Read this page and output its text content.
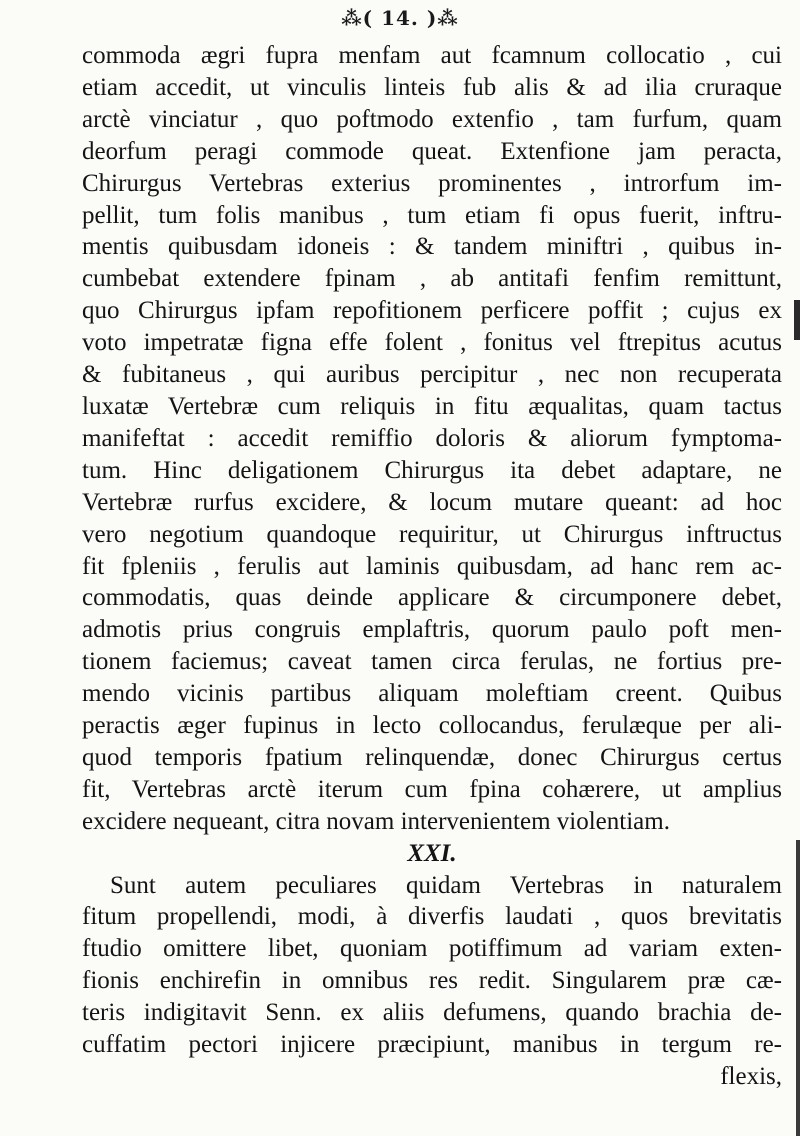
⁂( 14. )⁂
commoda ægri fupra menfam aut fcamnum collocatio , cui
etiam accedit, ut vinculis linteis fub alis & ad ilia cruraque
arctè vinciatur , quo poftmodo extenfio , tam furfum, quam
deorfum peragi commode queat. Extenfione jam peracta,
Chirurgus Vertebras exterius prominentes , introrfum im-
pellit, tum folis manibus , tum etiam fi opus fuerit, inftru-
mentis quibusdam idoneis : & tandem miniftri , quibus in-
cumbebat extendere fpinam , ab antitafi fenfim remittunt,
quo Chirurgus ipfam repofitionem perficere poffit ; cujus ex
voto impetratæ figna effe folent , fonitus vel ftrepitus acutus
& fubitaneus , qui auribus percipitur , nec non recuperata
luxatæ Vertebræ cum reliquis in fitu æqualitas, quam tactus
manifeftat : accedit remiffio doloris & aliorum fymptoma-
tum. Hinc deligationem Chirurgus ita debet adaptare, ne
Vertebræ rurfus excidere, & locum mutare queant: ad hoc
vero negotium quandoque requiritur, ut Chirurgus inftructus
fit fpleniis , ferulis aut laminis quibusdam, ad hanc rem ac-
commodatis, quas deinde applicare & circumponere debet,
admotis prius congruis emplaftris, quorum paulo poft men-
tionem faciemus; caveat tamen circa ferulas, ne fortius pre-
mendo vicinis partibus aliquam moleftiam creent. Quibus
peractis æger fupinus in lecto collocandus, ferulæque per ali-
quod temporis fpatium relinquendæ, donec Chirurgus certus
fit, Vertebras arctè iterum cum fpina cohærere, ut amplius
excidere nequeant, citra novam intervenientem violentiam.
XXI.
Sunt autem peculiares quidam Vertebras in naturalem
fitum propellendi, modi, à diverfis laudati , quos brevitatis
ftudio omittere libet, quoniam potiffimum ad variam exten-
fionis enchirefin in omnibus res redit. Singularem præ cæ-
teris indigitavit Senn. ex aliis defumens, quando brachia de-
cuffatim pectori injicere præcipiunt, manibus in tergum re-
flexis,
